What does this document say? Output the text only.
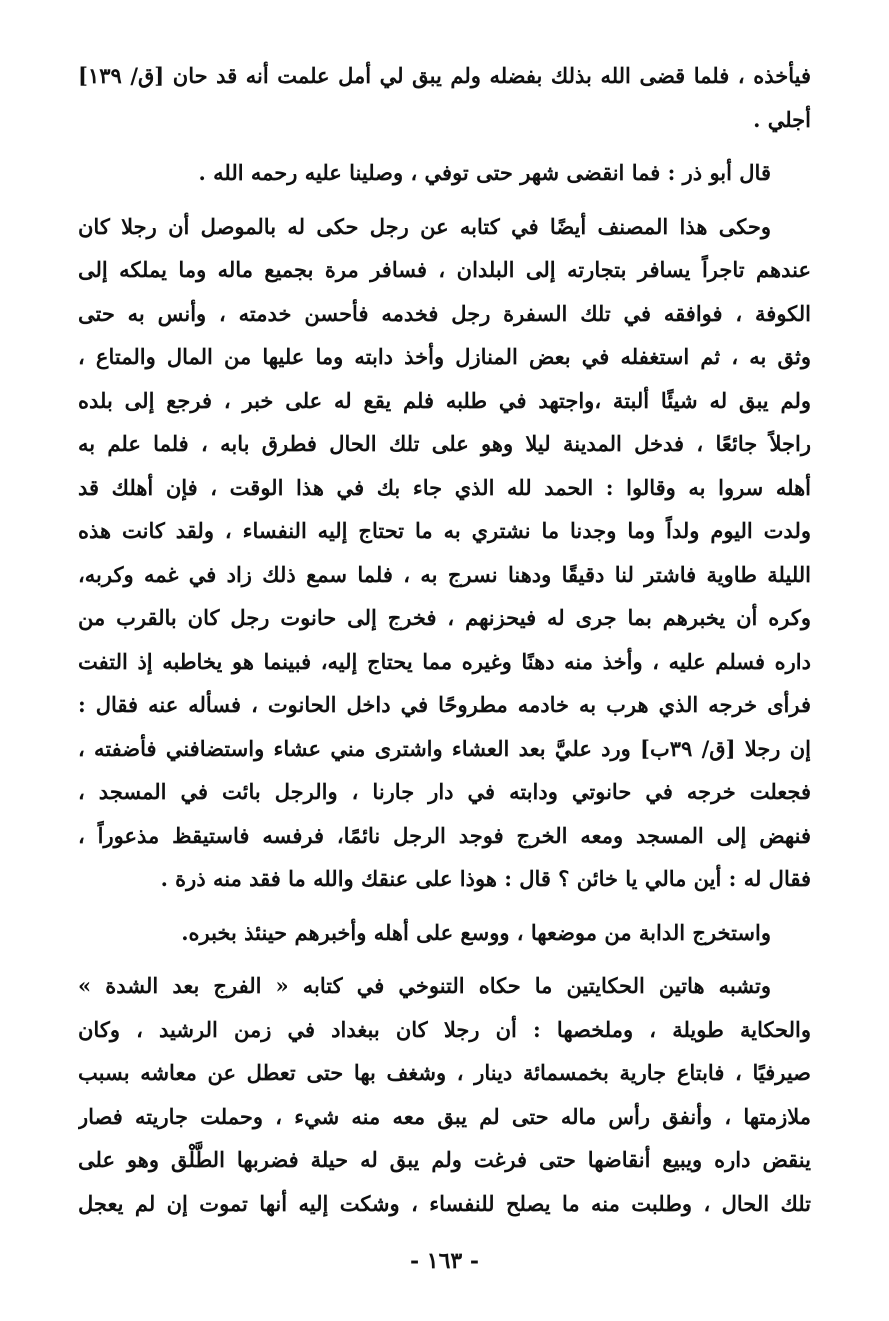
فيأخذه ، فلما قضى الله بذلك بفضله ولم يبق لي أمل علمت أنه قد حان [ق/ ١٣٩]
أجلي .
قال أبو ذر : فما انقضى شهر حتى توفي ، وصلينا عليه رحمه الله .
وحكى هذا المصنف أيضًا في كتابه عن رجل حكى له بالموصل أن رجلا كان
عندهم تاجراً يسافر بتجارته إلى البلدان ، فسافر مرة بجميع ماله وما يملكه إلى
الكوفة ، فوافقه في تلك السفرة رجل فخدمه فأحسن خدمته ، وأنس به حتى
وثق به ، ثم استغفله في بعض المنازل وأخذ دابته وما عليها من المال والمتاع ،
ولم يبق له شيئًا ألبتة ،واجتهد في طلبه فلم يقع له على خبر ، فرجع إلى بلده
راجلاً جائعًا ، فدخل المدينة ليلا وهو على تلك الحال فطرق بابه ، فلما علم به
أهله سروا به وقالوا : الحمد لله الذي جاء بك في هذا الوقت ، فإن أهلك قد
ولدت اليوم ولداً وما وجدنا ما نشتري به ما تحتاج إليه النفساء ، ولقد كانت هذه
الليلة طاوية فاشتر لنا دقيقًا ودهنا نسرج به ، فلما سمع ذلك زاد في غمه وكربه،
وكره أن يخبرهم بما جرى له فيحزنهم ، فخرج إلى حانوت رجل كان بالقرب من
داره فسلم عليه ، وأخذ منه دهنًا وغيره مما يحتاج إليه، فبينما هو يخاطبه إذ التفت
فرأى خرجه الذي هرب به خادمه مطروحًا في داخل الحانوت ، فسأله عنه فقال :
إن رجلا [ق/ ٣٩ب] ورد عليَّ بعد العشاء واشترى مني عشاء واستضافني فأضفته ،
فجعلت خرجه في حانوتي ودابته في دار جارنا ، والرجل بائت في المسجد ،
فنهض إلى المسجد ومعه الخرج فوجد الرجل نائمًا، فرفسه فاستيقظ مذعوراً ،
فقال له : أين مالي يا خائن ؟ قال : هوذا على عنقك والله ما فقد منه ذرة .
واستخرج الدابة من موضعها ، ووسع على أهله وأخبرهم حينئذ بخبره.
وتشبه هاتين الحكايتين ما حكاه التنوخي في كتابه « الفرج بعد الشدة »
والحكاية طويلة ، وملخصها : أن رجلا كان ببغداد في زمن الرشيد ، وكان
صيرفيًا ، فابتاع جارية بخمسمائة دينار ، وشغف بها حتى تعطل عن معاشه بسبب
ملازمتها ، وأنفق رأس ماله حتى لم يبق معه منه شيء ، وحملت جاريته فصار
ينقض داره ويبيع أنقاضها حتى فرغت ولم يبق له حيلة فضربها الطَّلْق وهو على
تلك الحال ، وطلبت منه ما يصلح للنفساء ، وشكت إليه أنها تموت إن لم يعجل
- ١٦٣ -
